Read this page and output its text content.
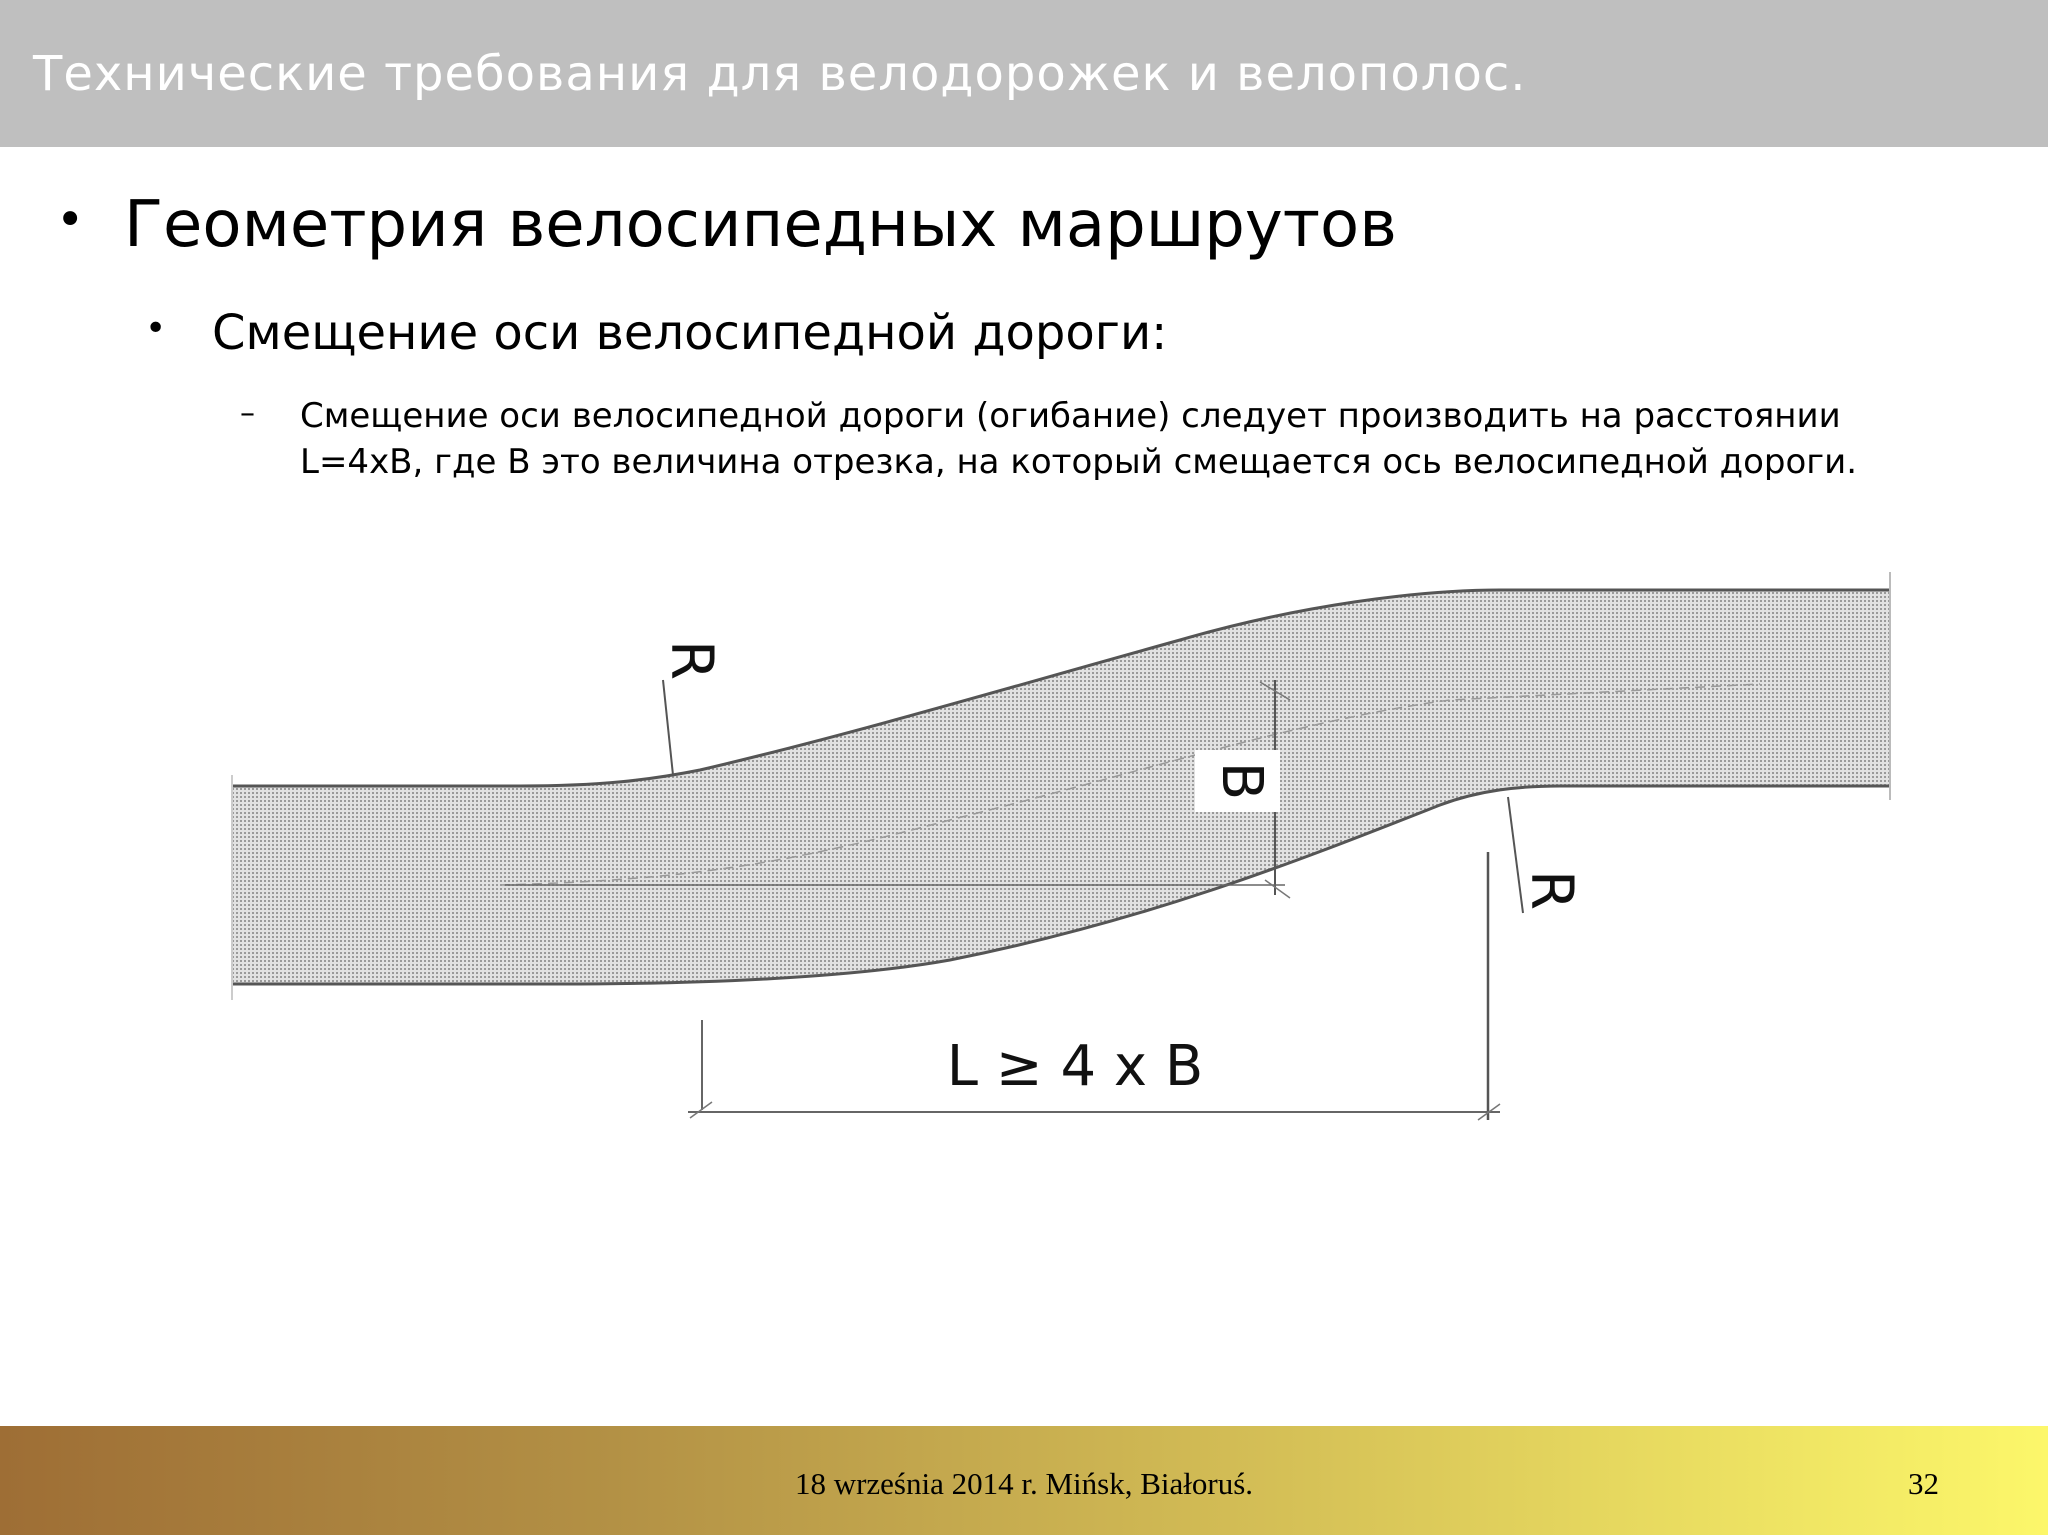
Технические требования для велодорожек и велополос.
• Геометрия велосипедных маршрутов
• Смещение оси велосипедной дороги:
– Смещение оси велосипедной дороги (огибание) следует производить на расстоянии L=4xB, где B это величина отрезка, на который смещается ось велосипедной дороги.
B
R
R
L ≥ 4 x B
18 września 2014 r. Mińsk, Białoruś.	32
